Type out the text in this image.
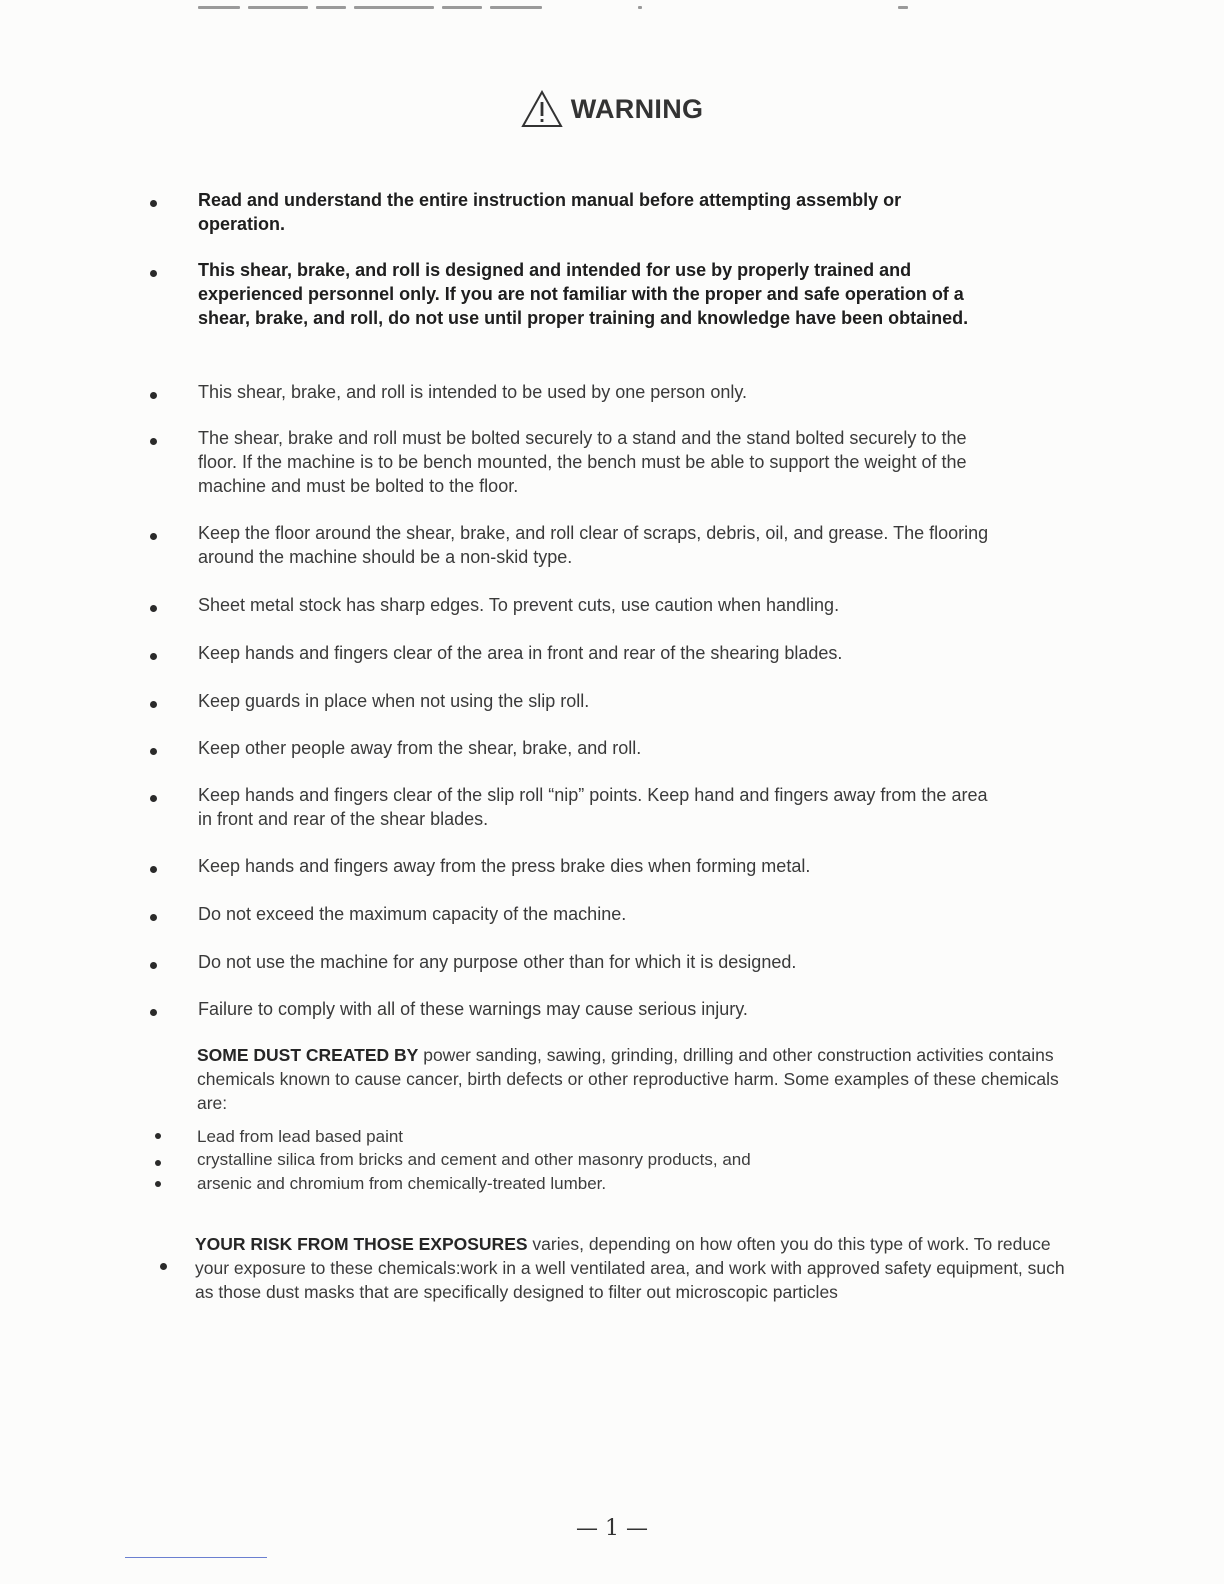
WARNING
Read and understand the entire instruction manual before attempting assembly or operation.
This shear, brake, and roll is designed and intended for use by properly trained and experienced personnel only. If you are not familiar with the proper and safe operation of a shear, brake, and roll, do not use until proper training and knowledge have been obtained.
This shear, brake, and roll is intended to be used by one person only.
The shear, brake and roll must be bolted securely to a stand and the stand bolted securely to the floor. If the machine is to be bench mounted, the bench must be able to support the weight of the machine and must be bolted to the floor.
Keep the floor around the shear, brake, and roll clear of scraps, debris, oil, and grease. The flooring around the machine should be a non-skid type.
Sheet metal stock has sharp edges. To prevent cuts, use caution when handling.
Keep hands and fingers clear of the area in front and rear of the shearing blades.
Keep guards in place when not using the slip roll.
Keep other people away from the shear, brake, and roll.
Keep hands and fingers clear of the slip roll “nip” points. Keep hand and fingers away from the area in front and rear of the shear blades.
Keep hands and fingers away from the press brake dies when forming metal.
Do not exceed the maximum capacity of the machine.
Do not use the machine for any purpose other than for which it is designed.
Failure to comply with all of these warnings may cause serious injury.
SOME DUST CREATED BY power sanding, sawing, grinding, drilling and other construction activities contains chemicals known to cause cancer, birth defects or other reproductive harm. Some examples of these chemicals are:
Lead from lead based paint
crystalline silica from bricks and cement and other masonry products, and
arsenic and chromium from chemically-treated lumber.
YOUR RISK FROM THOSE EXPOSURES varies, depending on how often you do this type of work. To reduce your exposure to these chemicals:work in a well ventilated area, and work with approved safety equipment, such as those dust masks that are specifically designed to filter out microscopic particles
— 1 —
